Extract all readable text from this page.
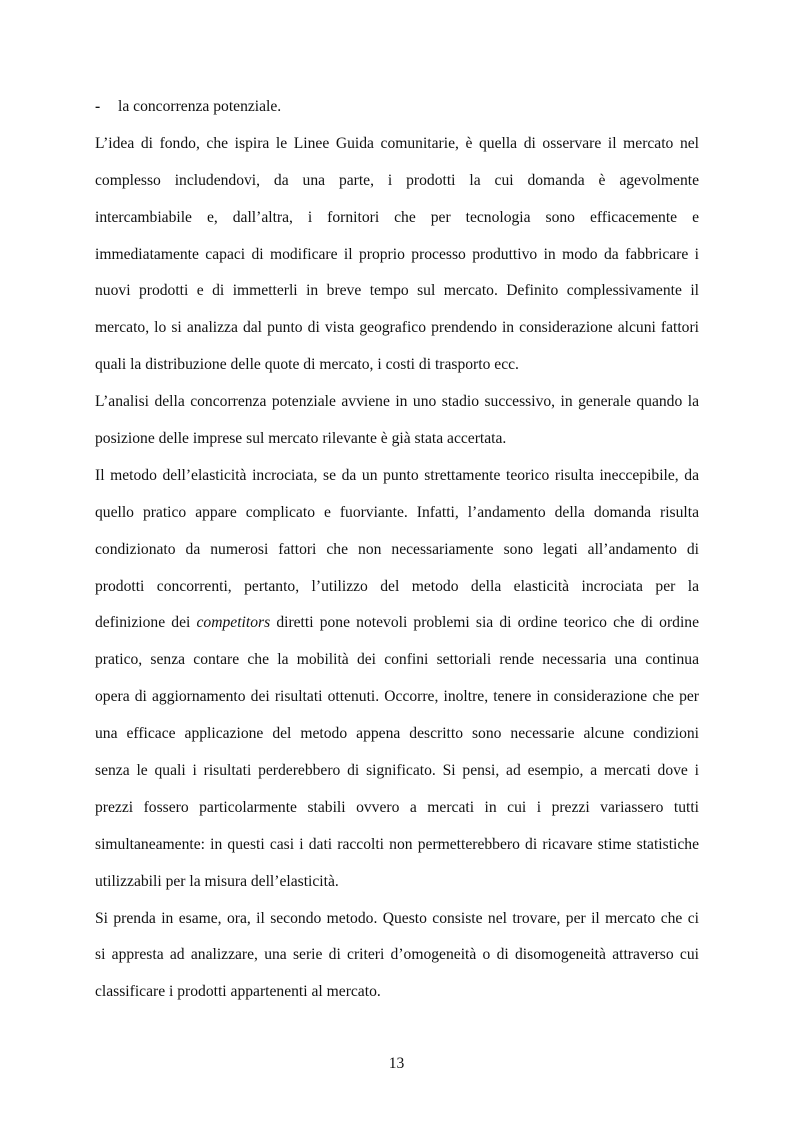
- la concorrenza potenziale.
L’idea di fondo, che ispira le Linee Guida comunitarie, è quella di osservare il mercato nel
complesso includendovi, da una parte, i prodotti la cui domanda è agevolmente
intercambiabile e, dall’altra, i fornitori che per tecnologia sono efficacemente e
immediatamente capaci di modificare il proprio processo produttivo in modo da fabbricare i
nuovi prodotti e di immetterli in breve tempo sul mercato. Definito complessivamente il
mercato, lo si analizza dal punto di vista geografico prendendo in considerazione alcuni fattori
quali la distribuzione delle quote di mercato, i costi di trasporto ecc.
L’analisi della concorrenza potenziale avviene in uno stadio successivo, in generale quando la
posizione delle imprese sul mercato rilevante è già stata accertata.
Il metodo dell’elasticità incrociata, se da un punto strettamente teorico risulta ineccepibile, da
quello pratico appare complicato e fuorviante. Infatti, l’andamento della domanda risulta
condizionato da numerosi fattori che non necessariamente sono legati all’andamento di
prodotti concorrenti, pertanto, l’utilizzo del metodo della elasticità incrociata per la
definizione dei competitors diretti pone notevoli problemi sia di ordine teorico che di ordine
pratico, senza contare che la mobilità dei confini settoriali rende necessaria una continua
opera di aggiornamento dei risultati ottenuti. Occorre, inoltre, tenere in considerazione che per
una efficace applicazione del metodo appena descritto sono necessarie alcune condizioni
senza le quali i risultati perderebbero di significato. Si pensi, ad esempio, a mercati dove i
prezzi fossero particolarmente stabili ovvero a mercati in cui i prezzi variassero tutti
simultaneamente: in questi casi i dati raccolti non permetterebbero di ricavare stime statistiche
utilizzabili per la misura dell’elasticità.
Si prenda in esame, ora, il secondo metodo. Questo consiste nel trovare, per il mercato che ci
si appresta ad analizzare, una serie di criteri d’omogeneità o di disomogeneità attraverso cui
classificare i prodotti appartenenti al mercato.
13
